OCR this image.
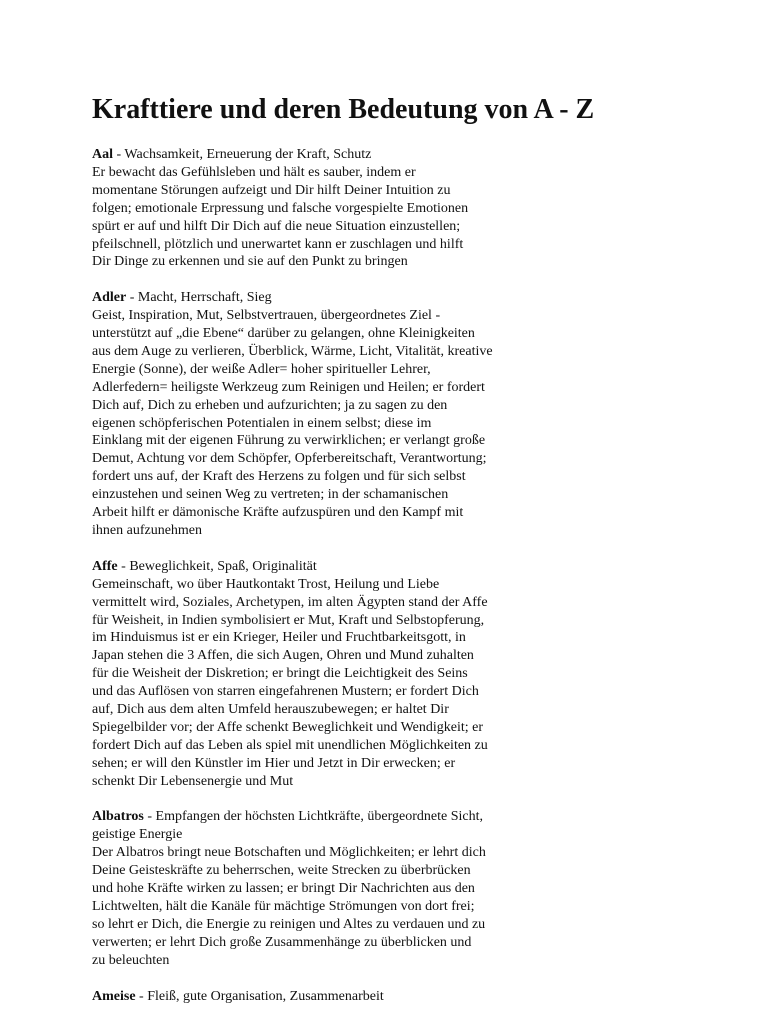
Krafttiere und deren Bedeutung von A - Z
Aal - Wachsamkeit, Erneuerung der Kraft, Schutz
Er bewacht das Gefühlsleben und hält es sauber, indem er
momentane Störungen aufzeigt und Dir hilft Deiner Intuition zu
folgen; emotionale Erpressung und falsche vorgespielte Emotionen
spürt er auf und hilft Dir Dich auf die neue Situation einzustellen;
pfeilschnell, plötzlich und unerwartet kann er zuschlagen und hilft
Dir Dinge zu erkennen und sie auf den Punkt zu bringen
Adler - Macht, Herrschaft, Sieg
Geist, Inspiration, Mut, Selbstvertrauen, übergeordnetes Ziel -
unterstützt auf „die Ebene“ darüber zu gelangen, ohne Kleinigkeiten
aus dem Auge zu verlieren, Überblick, Wärme, Licht, Vitalität, kreative
Energie (Sonne), der weiße Adler= hoher spiritueller Lehrer,
Adlerfedern= heiligste Werkzeug zum Reinigen und Heilen; er fordert
Dich auf, Dich zu erheben und aufzurichten; ja zu sagen zu den
eigenen schöpferischen Potentialen in einem selbst; diese im
Einklang mit der eigenen Führung zu verwirklichen; er verlangt große
Demut, Achtung vor dem Schöpfer, Opferbereitschaft, Verantwortung;
fordert uns auf, der Kraft des Herzens zu folgen und für sich selbst
einzustehen und seinen Weg zu vertreten; in der schamanischen
Arbeit hilft er dämonische Kräfte aufzuspüren und den Kampf mit
ihnen aufzunehmen
Affe - Beweglichkeit, Spaß, Originalität
Gemeinschaft, wo über Hautkontakt Trost, Heilung und Liebe
vermittelt wird, Soziales, Archetypen, im alten Ägypten stand der Affe
für Weisheit, in Indien symbolisiert er Mut, Kraft und Selbstopferung,
im Hinduismus ist er ein Krieger, Heiler und Fruchtbarkeitsgott, in
Japan stehen die 3 Affen, die sich Augen, Ohren und Mund zuhalten
für die Weisheit der Diskretion; er bringt die Leichtigkeit des Seins
und das Auflösen von starren eingefahrenen Mustern; er fordert Dich
auf, Dich aus dem alten Umfeld herauszubewegen; er haltet Dir
Spiegelbilder vor; der Affe schenkt Beweglichkeit und Wendigkeit; er
fordert Dich auf das Leben als spiel mit unendlichen Möglichkeiten zu
sehen; er will den Künstler im Hier und Jetzt in Dir erwecken; er
schenkt Dir Lebensenergie und Mut
Albatros - Empfangen der höchsten Lichtkräfte, übergeordnete Sicht,
geistige Energie
Der Albatros bringt neue Botschaften und Möglichkeiten; er lehrt dich
Deine Geisteskräfte zu beherrschen, weite Strecken zu überbrücken
und hohe Kräfte wirken zu lassen; er bringt Dir Nachrichten aus den
Lichtwelten, hält die Kanäle für mächtige Strömungen von dort frei;
so lehrt er Dich, die Energie zu reinigen und Altes zu verdauen und zu
verwerten; er lehrt Dich große Zusammenhänge zu überblicken und
zu beleuchten
Ameise - Fleiß, gute Organisation, Zusammenarbeit
